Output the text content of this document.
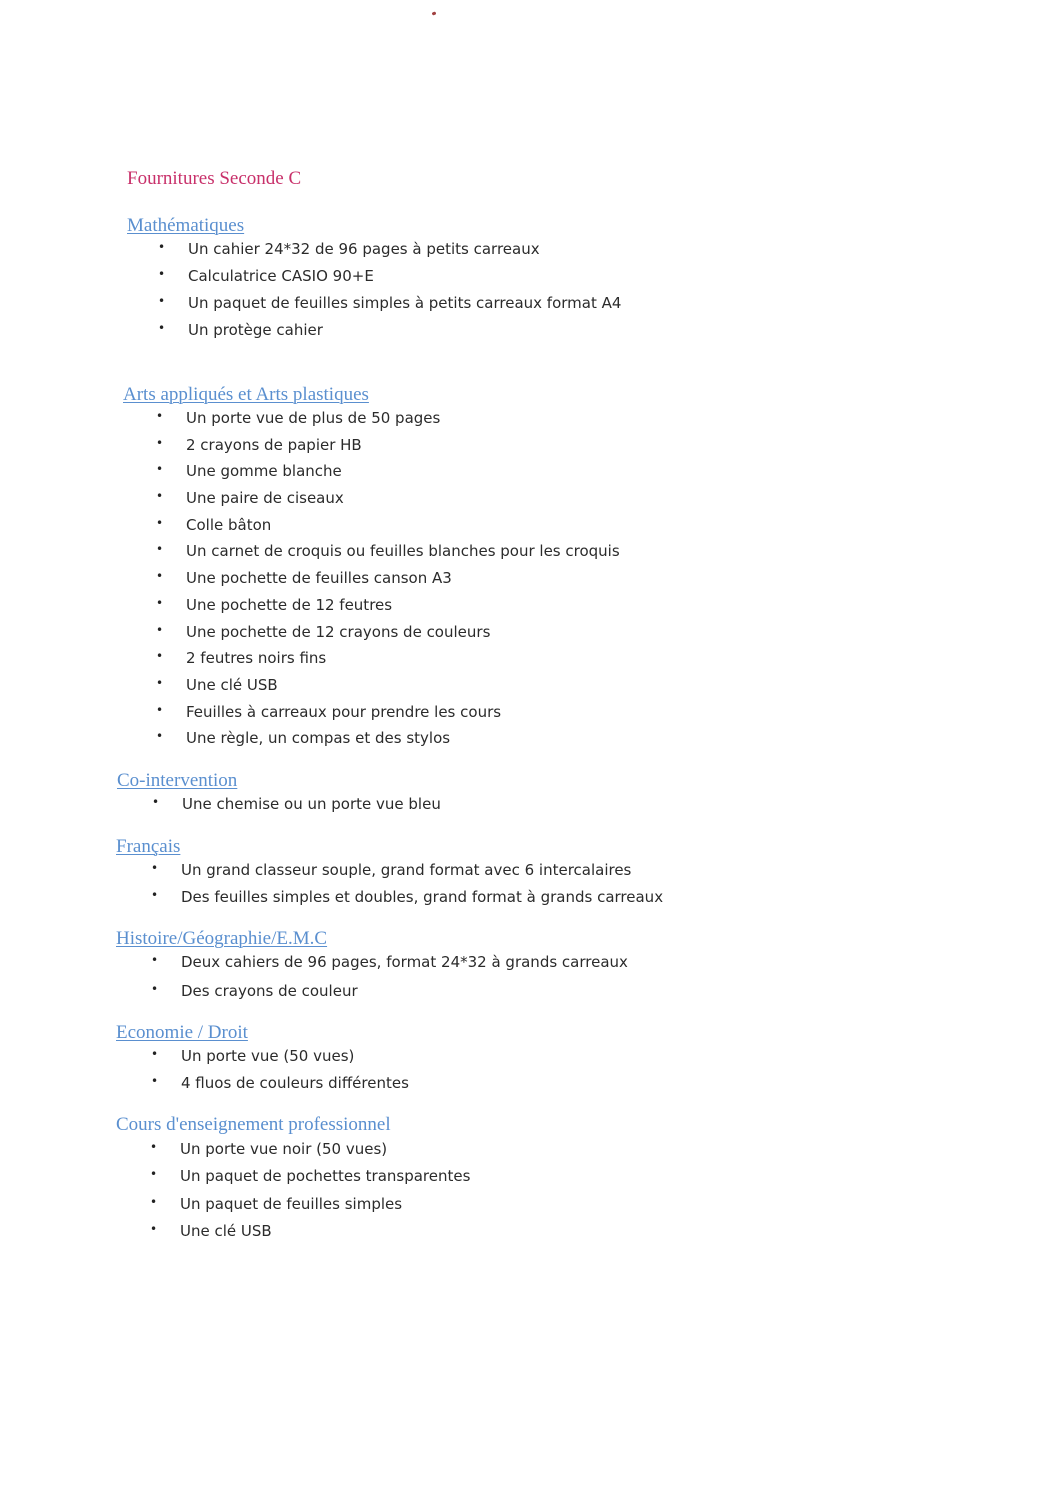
Fournitures Seconde C
Mathématiques
• Un cahier 24*32 de 96 pages à petits carreaux
• Calculatrice CASIO 90+E
• Un paquet de feuilles simples à petits carreaux format A4
• Un protège cahier
Arts appliqués et Arts plastiques
• Un porte vue de plus de 50 pages
• 2 crayons de papier HB
• Une gomme blanche
• Une paire de ciseaux
• Colle bâton
• Un carnet de croquis ou feuilles blanches pour les croquis
• Une pochette de feuilles canson A3
• Une pochette de 12 feutres
• Une pochette de 12 crayons de couleurs
• 2 feutres noirs fins
• Une clé USB
• Feuilles à carreaux pour prendre les cours
• Une règle, un compas et des stylos
Co-intervention
• Une chemise ou un porte vue bleu
Français
• Un grand classeur souple, grand format avec 6 intercalaires
• Des feuilles simples et doubles, grand format à grands carreaux
Histoire/Géographie/E.M.C
• Deux cahiers de 96 pages, format 24*32 à grands carreaux
• Des crayons de couleur
Economie / Droit
• Un porte vue (50 vues)
• 4 fluos de couleurs différentes
Cours d'enseignement professionnel
• Un porte vue noir (50 vues)
• Un paquet de pochettes transparentes
• Un paquet de feuilles simples
• Une clé USB
